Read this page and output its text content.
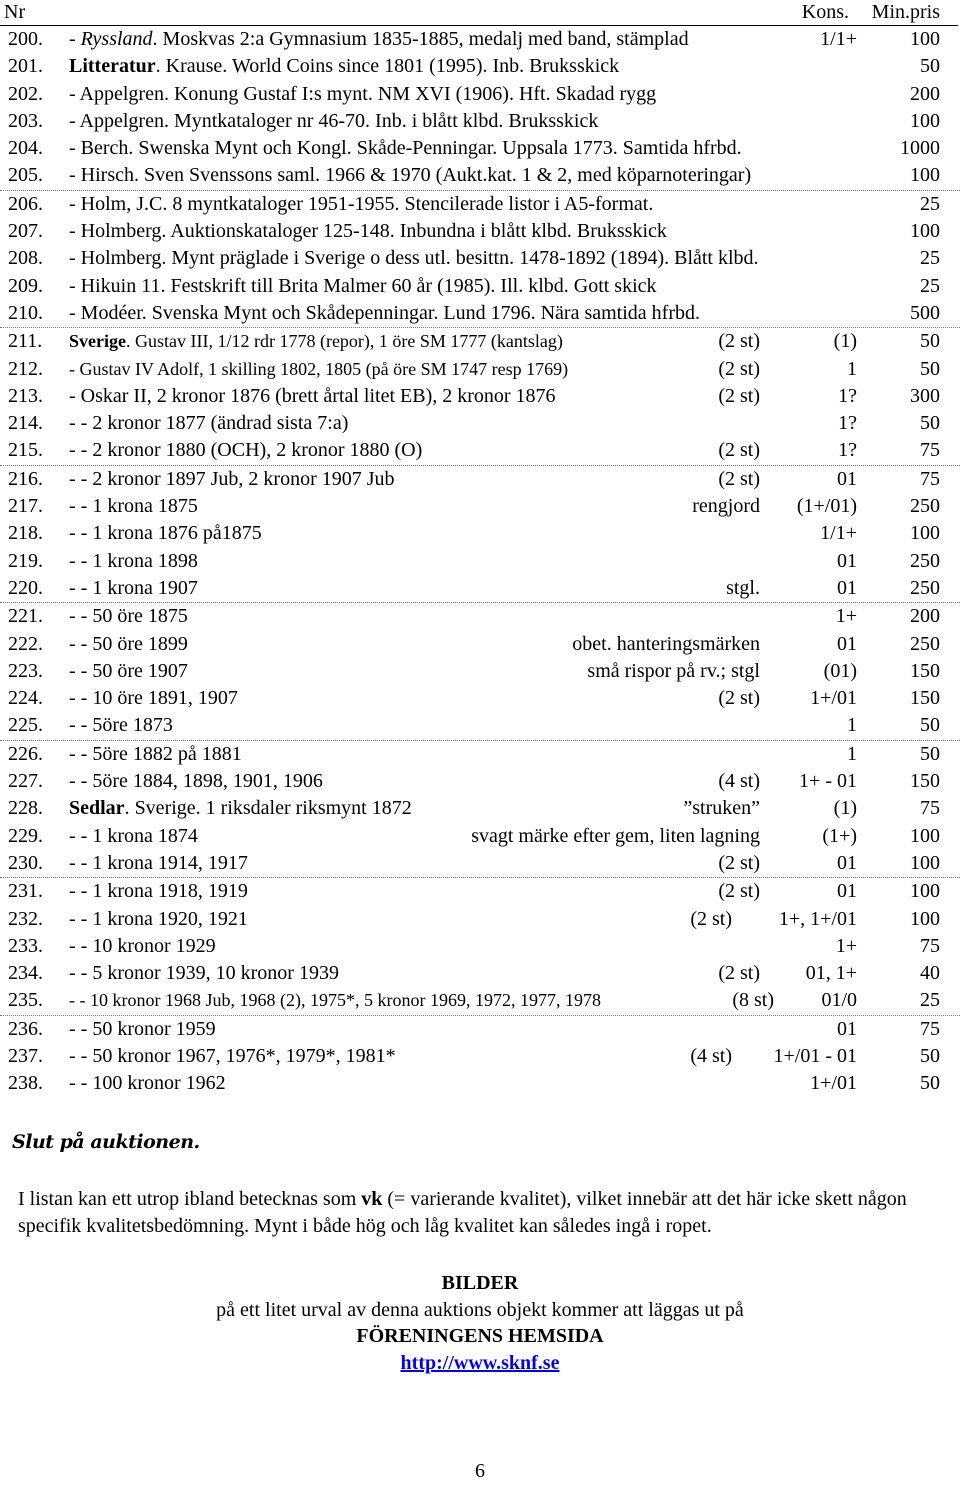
Nr	Kons. Min.pris
200.	- Ryssland. Moskvas 2:a Gymnasium 1835-1885, medalj med band, stämplad	1/1+	100
201.	Litteratur. Krause. World Coins since 1801 (1995). Inb. Bruksskick	50
202.	- Appelgren. Konung Gustaf I:s mynt. NM XVI (1906). Hft. Skadad rygg	200
203.	- Appelgren. Myntkataloger nr 46-70. Inb. i blått klbd. Bruksskick	100
204.	- Berch. Swenska Mynt och Kongl. Skåde-Penningar. Uppsala 1773. Samtida hfrbd.	1000
205.	- Hirsch. Sven Svenssons saml. 1966 & 1970 (Aukt.kat. 1 & 2, med köparnoteringar)	100
206.	- Holm, J.C. 8 myntkataloger 1951-1955. Stencilerade listor i A5-format.	25
207.	- Holmberg. Auktionskataloger 125-148. Inbundna i blått klbd. Bruksskick	100
208.	- Holmberg. Mynt präglade i Sverige o dess utl. besittn. 1478-1892 (1894). Blått klbd.	25
209.	- Hikuin 11. Festskrift till Brita Malmer 60 år (1985). Ill. klbd. Gott skick	25
210.	- Modéer. Svenska Mynt och Skådepenningar. Lund 1796. Nära samtida hfrbd.	500
211.	Sverige. Gustav III, 1/12 rdr 1778 (repor), 1 öre SM 1777 (kantslag)	(2 st)	(1)	50
212.	- Gustav IV Adolf, 1 skilling 1802, 1805 (på öre SM 1747 resp 1769)	(2 st)	1	50
213.	- Oskar II, 2 kronor 1876 (brett årtal litet EB), 2 kronor 1876	(2 st)	1?	300
214.	- - 2 kronor 1877 (ändrad sista 7:a)	1?	50
215.	- - 2 kronor 1880 (OCH), 2 kronor 1880 (O)	(2 st)	1?	75
216.	- - 2 kronor 1897 Jub, 2 kronor 1907 Jub	(2 st)	01	75
217.	- - 1 krona 1875	rengjord (1+/01)	250
218.	- - 1 krona 1876 på1875	1/1+	100
219.	- - 1 krona 1898	01	250
220.	- - 1 krona 1907	stgl.	01	250
221.	- - 50 öre 1875	1+	200
222.	- - 50 öre 1899	obet. hanteringsmärken	01	250
223.	- - 50 öre 1907	små rispor på rv.; stgl	(01)	150
224.	- - 10 öre 1891, 1907	(2 st)	1+/01	150
225.	- - 5öre 1873	1	50
226.	- - 5öre 1882 på 1881	1	50
227.	- - 5öre 1884, 1898, 1901, 1906	(4 st) 1+ - 01	150
228.	Sedlar. Sverige. 1 riksdaler riksmynt 1872	”struken”	(1)	75
229.	- - 1 krona 1874	svagt märke efter gem, liten lagning	(1+)	100
230.	- - 1 krona 1914, 1917	(2 st)	01	100
231.	- - 1 krona 1918, 1919	(2 st)	01	100
232.	- - 1 krona 1920, 1921	(2 st) 1+, 1+/01	100
233.	- - 10 kronor 1929	1+	75
234.	- - 5 kronor 1939, 10 kronor 1939	(2 st) 01, 1+	40
235.	- - 10 kronor 1968 Jub, 1968 (2), 1975*, 5 kronor 1969, 1972, 1977, 1978	(8 st) 01/0	25
236.	- - 50 kronor 1959	01	75
237.	- - 50 kronor 1967, 1976*, 1979*, 1981*	(4 st) 1+/01 - 01	50
238.	- - 100 kronor 1962	1+/01	50
Slut på auktionen.
I listan kan ett utrop ibland betecknas som vk (= varierande kvalitet), vilket innebär att det här icke skett någon specifik kvalitetsbedömning. Mynt i både hög och låg kvalitet kan således ingå i ropet.
BILDER
på ett litet urval av denna auktions objekt kommer att läggas ut på
FÖRENINGENS HEMSIDA
http://www.sknf.se
6
